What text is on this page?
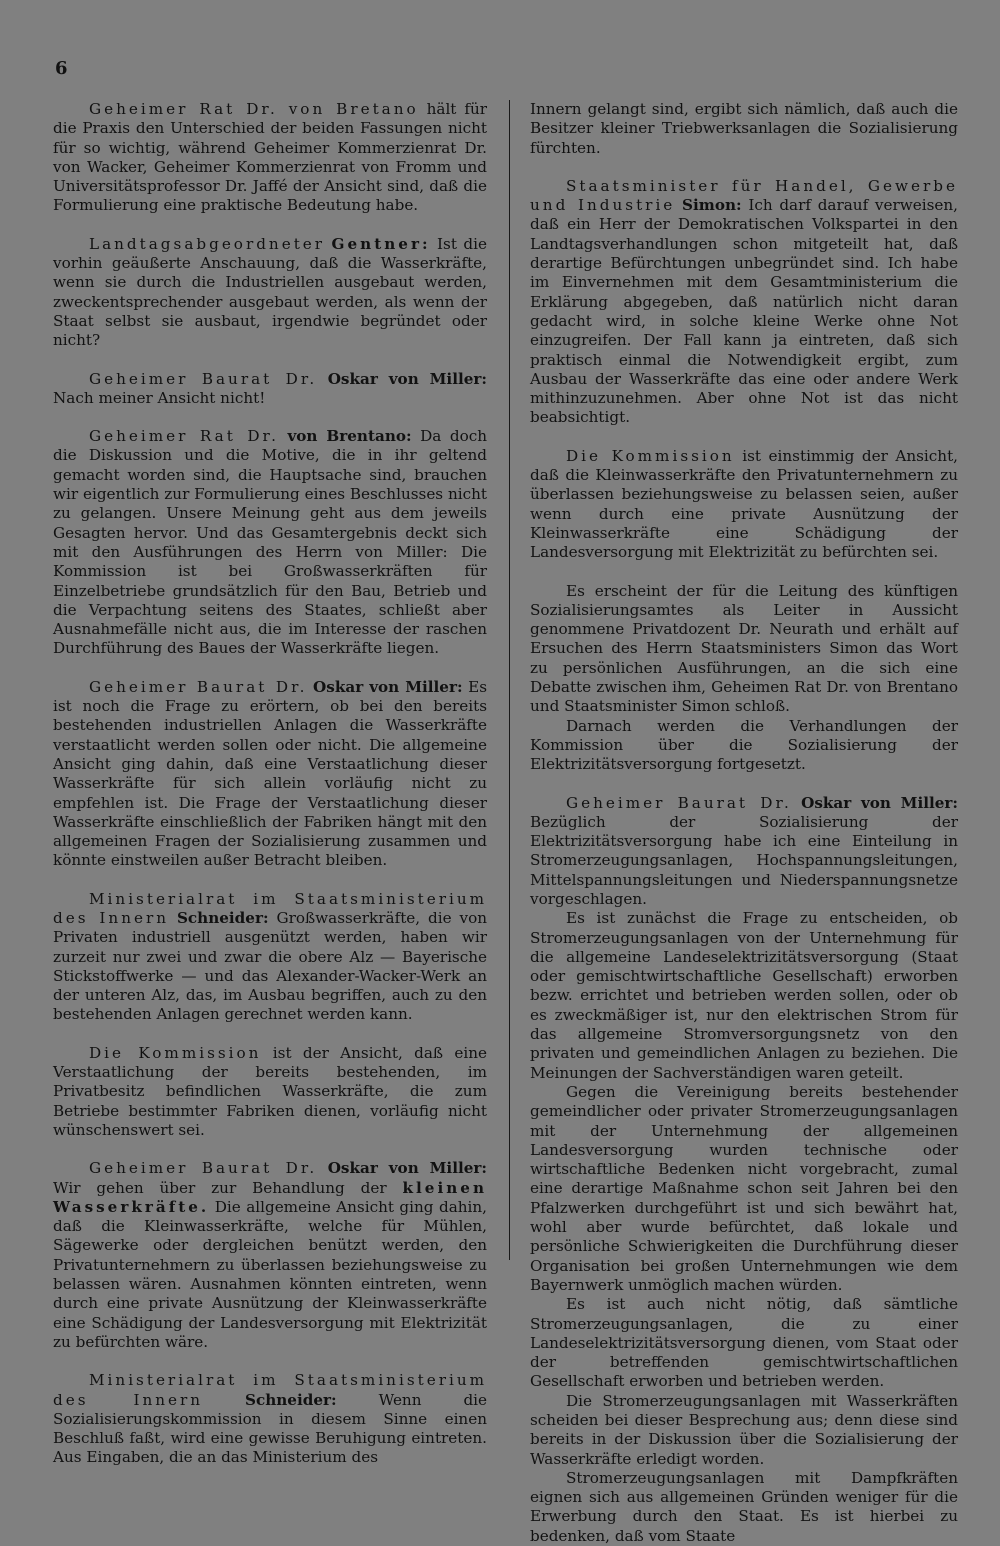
6

Geheimer Rat Dr. von Bretano hält für die Praxis den Unterschied der beiden Fassungen nicht für so wichtig, während Geheimer Kommerzienrat Dr. von Wacker, Geheimer Kommerzienrat von Fromm und Universitätsprofessor Dr. Jaffé der Ansicht sind, daß die Formulierung eine praktische Bedeutung habe.

Landtagsabgeordneter Gentner: Ist die vorhin geäußerte Anschauung, daß die Wasserkräfte, wenn sie durch die Industriellen ausgebaut werden, zweckentsprechender ausgebaut werden, als wenn der Staat selbst sie ausbaut, irgendwie begründet oder nicht?

Geheimer Baurat Dr. Oskar von Miller: Nach meiner Ansicht nicht!

Geheimer Rat Dr. von Brentano: Da doch die Diskussion und die Motive, die in ihr geltend gemacht worden sind, die Hauptsache sind, brauchen wir eigentlich zur Formulierung eines Beschlusses nicht zu gelangen. Unsere Meinung geht aus dem jeweils Gesagten hervor. Und das Gesamtergebnis deckt sich mit den Ausführungen des Herrn von Miller: Die Kommission ist bei Großwasserkräften für Einzelbetriebe grundsätzlich für den Bau, Betrieb und die Verpachtung seitens des Staates, schließt aber Ausnahmefälle nicht aus, die im Interesse der raschen Durchführung des Baues der Wasserkräfte liegen.

Geheimer Baurat Dr. Oskar von Miller: Es ist noch die Frage zu erörtern, ob bei den bereits bestehenden industriellen Anlagen die Wasserkräfte verstaatlicht werden sollen oder nicht. Die allgemeine Ansicht ging dahin, daß eine Verstaatlichung dieser Wasserkräfte für sich allein vorläufig nicht zu empfehlen ist. Die Frage der Verstaatlichung dieser Wasserkräfte einschließlich der Fabriken hängt mit den allgemeinen Fragen der Sozialisierung zusammen und könnte einstweilen außer Betracht bleiben.

Ministerialrat im Staatsministerium des Innern Schneider: Großwasserkräfte, die von Privaten industriell ausgenützt werden, haben wir zurzeit nur zwei und zwar die obere Alz — Bayerische Stickstoffwerke — und das Alexander-Wacker-Werk an der unteren Alz, das, im Ausbau begriffen, auch zu den bestehenden Anlagen gerechnet werden kann.

Die Kommission ist der Ansicht, daß eine Verstaatlichung der bereits bestehenden, im Privatbesitz befindlichen Wasserkräfte, die zum Betriebe bestimmter Fabriken dienen, vorläufig nicht wünschenswert sei.

Geheimer Baurat Dr. Oskar von Miller: Wir gehen über zur Behandlung der kleinen Wasserkräfte. Die allgemeine Ansicht ging dahin, daß die Kleinwasserkräfte, welche für Mühlen, Sägewerke oder dergleichen benützt werden, den Privatunternehmern zu überlassen beziehungsweise zu belassen wären. Ausnahmen könnten eintreten, wenn durch eine private Ausnützung der Kleinwasserkräfte eine Schädigung der Landesversorgung mit Elektrizität zu befürchten wäre.

Ministerialrat im Staatsministerium des Innern	Schneider:	Wenn die Sozialisierungskommission in diesem Sinne einen Beschluß faßt, wird eine gewisse Beruhigung eintreten. Aus Eingaben, die an das Ministerium des

Innern gelangt sind, ergibt sich nämlich, daß auch die Besitzer kleiner Triebwerksanlagen die Sozialisierung fürchten.

Staatsminister für Handel, Gewerbe und Industrie Simon: Ich darf darauf verweisen, daß ein Herr der Demokratischen Volkspartei in den Landtagsverhandlungen schon mitgeteilt hat, daß derartige Befürchtungen unbegründet sind. Ich habe im Einvernehmen mit dem Gesamtministerium die Erklärung abgegeben, daß natürlich nicht daran gedacht wird, in solche kleine Werke ohne Not einzugreifen. Der Fall kann ja eintreten, daß sich praktisch einmal die Notwendigkeit ergibt, zum Ausbau der Wasserkräfte das eine oder andere Werk mithinzuzunehmen. Aber ohne Not ist das nicht beabsichtigt.

Die Kommission ist einstimmig der Ansicht, daß die Kleinwasserkräfte den Privatunternehmern zu überlassen beziehungsweise zu belassen seien, außer wenn durch eine private Ausnützung der Kleinwasserkräfte eine Schädigung der Landesversorgung mit Elektrizität zu befürchten sei.

Es erscheint der für die Leitung des künftigen Sozialisierungsamtes als Leiter in Aussicht genommene Privatdozent Dr. Neurath und erhält auf Ersuchen des Herrn Staatsministers Simon das Wort zu persönlichen Ausführungen, an die sich eine Debatte zwischen ihm, Geheimen Rat Dr. von Brentano und Staatsminister Simon schloß.

Darnach werden die Verhandlungen der Kommission über die Sozialisierung der Elektrizitätsversorgung fortgesetzt.

Geheimer Baurat Dr. Oskar von Miller: Bezüglich der Sozialisierung der Elektrizitätsversorgung habe ich eine Einteilung in Stromerzeugungsanlagen, Hochspannungsleitungen, Mittelspannungsleitungen und Niederspannungsnetze vorgeschlagen.

Es ist zunächst die Frage zu entscheiden, ob Stromerzeugungsanlagen von der Unternehmung für die allgemeine Landeselektrizitätsversorgung (Staat oder gemischtwirtschaftliche Gesellschaft) erworben bezw. errichtet und betrieben werden sollen, oder ob es zweckmäßiger ist, nur den elektrischen Strom für das allgemeine Stromversorgungsnetz von den privaten und gemeindlichen Anlagen zu beziehen. Die Meinungen der Sachverständigen waren geteilt.

Gegen die Vereinigung bereits bestehender gemeindlicher oder privater Stromerzeugungsanlagen mit der Unternehmung der allgemeinen Landesversorgung wurden technische oder wirtschaftliche Bedenken nicht vorgebracht, zumal eine derartige Maßnahme schon seit Jahren bei den Pfalzwerken durchgeführt ist und sich bewährt hat, wohl aber wurde befürchtet, daß lokale und persönliche Schwierigkeiten die Durchführung dieser Organisation bei großen Unternehmungen wie dem Bayernwerk unmöglich machen würden.

Es ist auch nicht nötig, daß sämtliche Stromerzeugungsanlagen, die zu einer Landeselektrizitätsversorgung dienen, vom Staat oder der betreffenden gemischtwirtschaftlichen Gesellschaft erworben und betrieben werden.

Die Stromerzeugungsanlagen mit Wasserkräften scheiden bei dieser Besprechung aus; denn diese sind bereits in der Diskussion über die Sozialisierung der Wasserkräfte erledigt worden.

Stromerzeugungsanlagen mit Dampfkräften eignen sich aus allgemeinen Gründen weniger für die Erwerbung durch den Staat. Es ist hierbei zu bedenken, daß vom Staate
